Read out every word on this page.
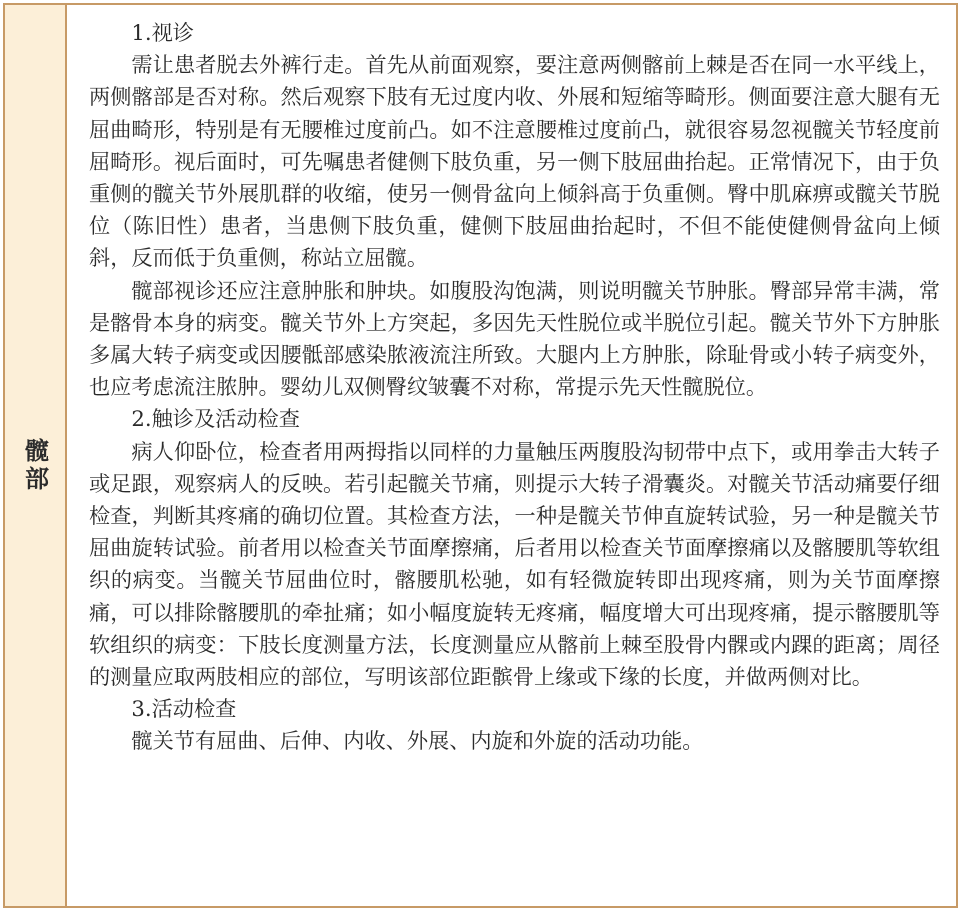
髋部
1.视诊

需让患者脱去外裤行走。首先从前面观察，要注意两侧髂前上棘是否在同一水平线上，两侧髂部是否对称。然后观察下肢有无过度内收、外展和短缩等畸形。侧面要注意大腿有无屈曲畸形，特别是有无腰椎过度前凸。如不注意腰椎过度前凸，就很容易忽视髋关节轻度前屈畸形。视后面时，可先嘱患者健侧下肢负重，另一侧下肢屈曲抬起。正常情况下，由于负重侧的髋关节外展肌群的收缩，使另一侧骨盆向上倾斜高于负重侧。臀中肌麻痹或髋关节脱位（陈旧性）患者，当患侧下肢负重，健侧下肢屈曲抬起时，不但不能使健侧骨盆向上倾斜，反而低于负重侧，称站立屈髋。

髋部视诊还应注意肿胀和肿块。如腹股沟饱满，则说明髋关节肿胀。臀部异常丰满，常是髂骨本身的病变。髋关节外上方突起，多因先天性脱位或半脱位引起。髋关节外下方肿胀多属大转子病变或因腰骶部感染脓液流注所致。大腿内上方肿胀，除耻骨或小转子病变外，也应考虑流注脓肿。婴幼儿双侧臀纹皱囊不对称，常提示先天性髋脱位。

2.触诊及活动检查

病人仰卧位，检查者用两拇指以同样的力量触压两腹股沟韧带中点下，或用拳击大转子或足跟，观察病人的反映。若引起髋关节痛，则提示大转子滑囊炎。对髋关节活动痛要仔细检查，判断其疼痛的确切位置。其检查方法，一种是髋关节伸直旋转试验，另一种是髋关节屈曲旋转试验。前者用以检查关节面摩擦痛，后者用以检查关节面摩擦痛以及髂腰肌等软组织的病变。当髋关节屈曲位时，髂腰肌松驰，如有轻微旋转即出现疼痛，则为关节面摩擦痛，可以排除髂腰肌的牵扯痛；如小幅度旋转无疼痛，幅度增大可出现疼痛，提示髂腰肌等软组织的病变：下肢长度测量方法，长度测量应从髂前上棘至股骨内髁或内踝的距离；周径的测量应取两肢相应的部位，写明该部位距髌骨上缘或下缘的长度，并做两侧对比。

3.活动检查

髋关节有屈曲、后伸、内收、外展、内旋和外旋的活动功能。
